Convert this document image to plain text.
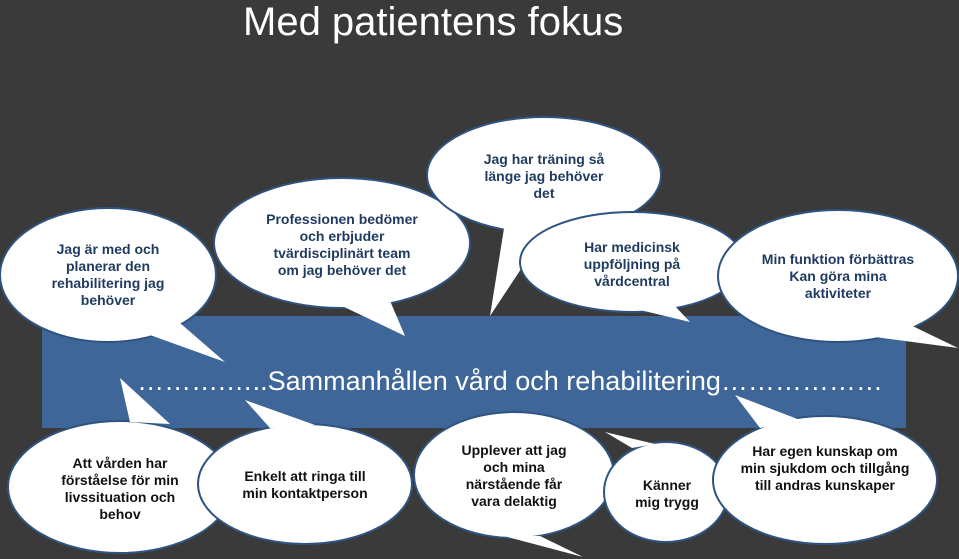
Med patientens fokus
……….…..Sammanhållen vård och rehabilitering………………
Jag är med och
planerar den
rehabilitering jag
behöver
Professionen bedömer
och erbjuder
tvärdisciplinärt team
om jag behöver det
Jag har träning så
länge jag behöver
det
Har medicinsk
uppföljning på
vårdcentral
Min funktion förbättras
Kan göra mina
aktiviteter
Att vården har
förståelse för min
livssituation och
behov
Enkelt att ringa till
min kontaktperson
Upplever att jag
och mina
närstående får
vara delaktig
Känner
mig trygg
Har egen kunskap om
min sjukdom och tillgång
till andras kunskaper
